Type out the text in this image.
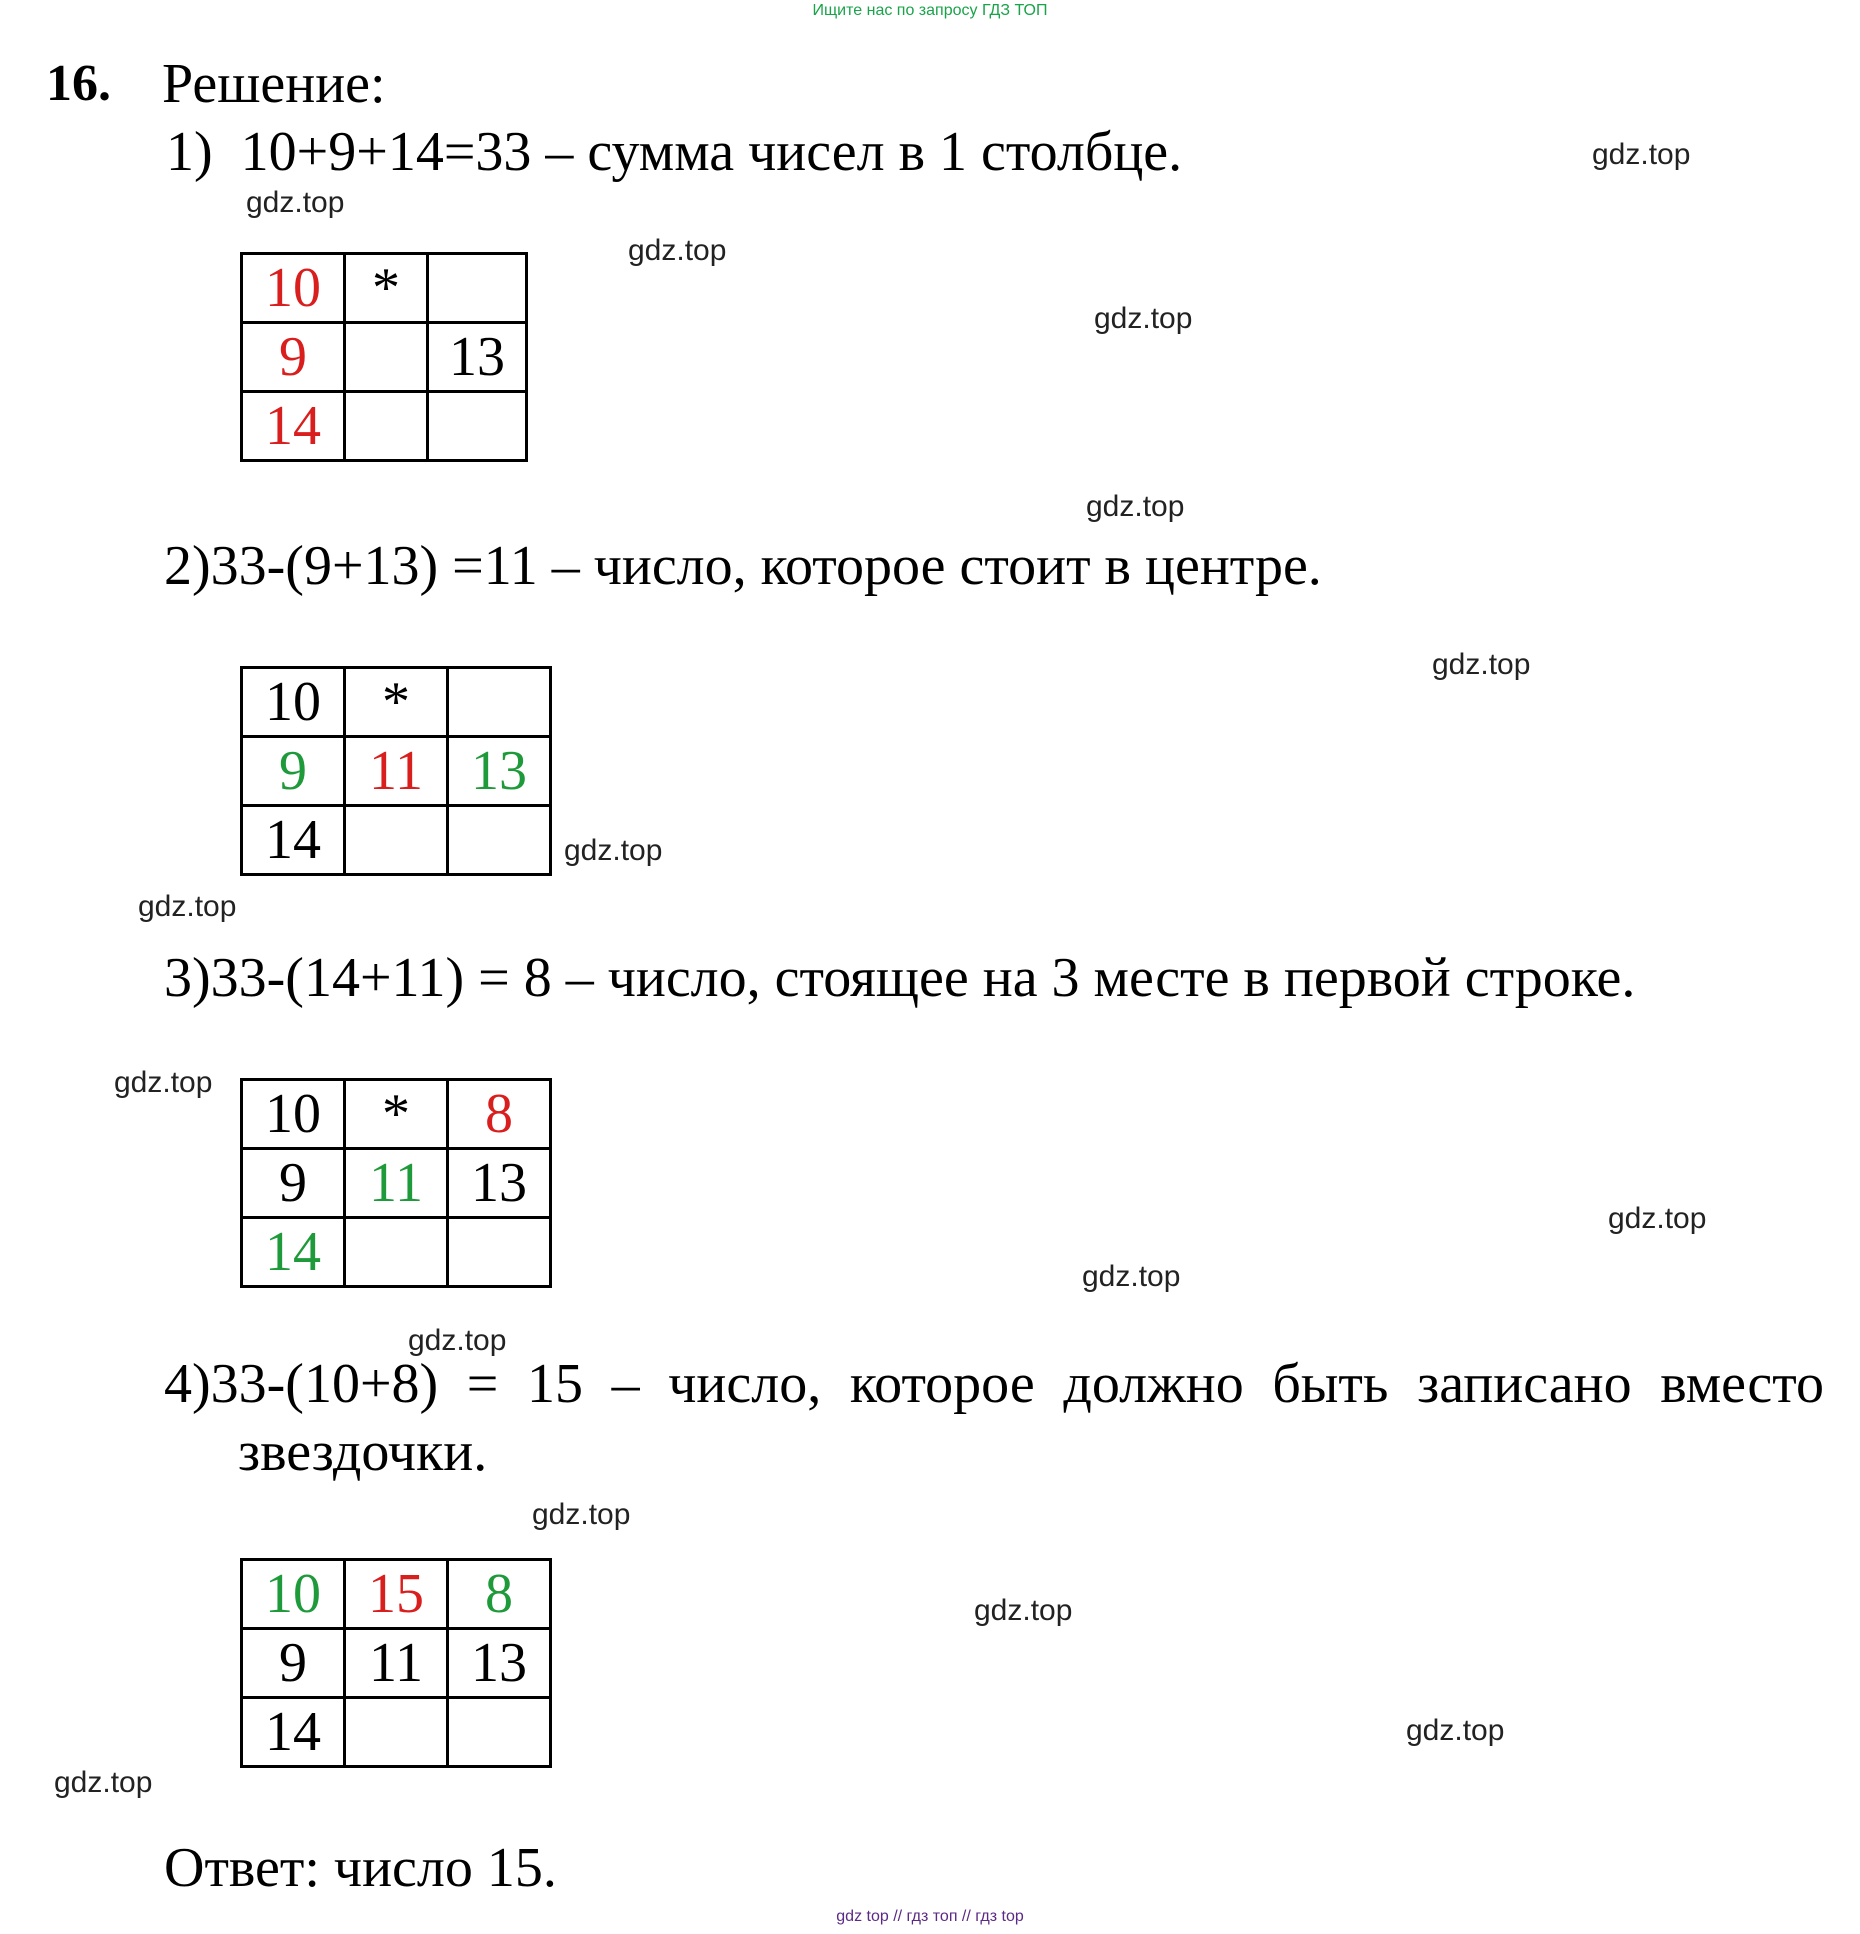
Ищите нас по запросу ГДЗ ТОП
16. Решение:
1) 10+9+14=33 – сумма чисел в 1 столбце.
10	*	
9		13
14		
2)33-(9+13) =11 – число, которое стоит в центре.
10	*	
9	11	13
14		
3)33-(14+11) = 8 – число, стоящее на 3 месте в первой строке.
10	*	8
9	11	13
14		
4)33-(10+8) = 15 – число, которое должно быть записано вместо
звездочки.
10	15	8
9	11	13
14		
Ответ: число 15.
gdz.top
gdz.top
gdz.top
gdz.top
gdz.top
gdz.top
gdz.top
gdz.top
gdz.top
gdz.top
gdz.top
gdz.top
gdz.top
gdz.top
gdz.top
gdz.top
gdz top // гдз топ // гдз top
